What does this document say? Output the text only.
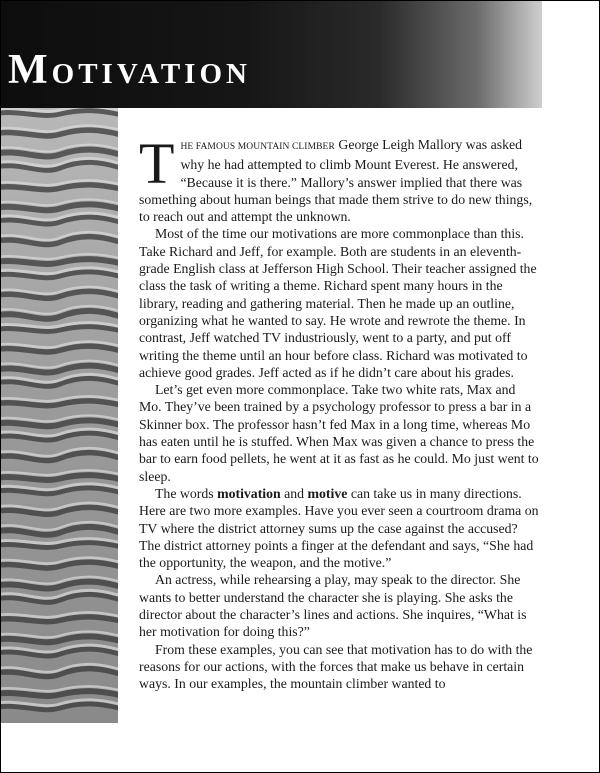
Motivation

THE FAMOUS MOUNTAIN CLIMBER George Leigh Mallory was asked why he had attempted to climb Mount Everest. He answered, “Because it is there.” Mallory’s answer implied that there was something about human beings that made them strive to do new things, to reach out and attempt the unknown.

Most of the time our motivations are more commonplace than this. Take Richard and Jeff, for example. Both are students in an eleventh-grade English class at Jefferson High School. Their teacher assigned the class the task of writing a theme. Richard spent many hours in the library, reading and gathering material. Then he made up an outline, organizing what he wanted to say. He wrote and rewrote the theme. In contrast, Jeff watched TV industriously, went to a party, and put off writing the theme until an hour before class. Richard was motivated to achieve good grades. Jeff acted as if he didn’t care about his grades.

Let’s get even more commonplace. Take two white rats, Max and Mo. They’ve been trained by a psychology professor to press a bar in a Skinner box. The professor hasn’t fed Max in a long time, whereas Mo has eaten until he is stuffed. When Max was given a chance to press the bar to earn food pellets, he went at it as fast as he could. Mo just went to sleep.

The words motivation and motive can take us in many directions. Here are two more examples. Have you ever seen a courtroom drama on TV where the district attorney sums up the case against the accused? The district attorney points a finger at the defendant and says, “She had the opportunity, the weapon, and the motive.”

An actress, while rehearsing a play, may speak to the director. She wants to better understand the character she is playing. She asks the director about the character’s lines and actions. She inquires, “What is her motivation for doing this?”

From these examples, you can see that motivation has to do with the reasons for our actions, with the forces that make us behave in certain ways. In our examples, the mountain climber wanted to
